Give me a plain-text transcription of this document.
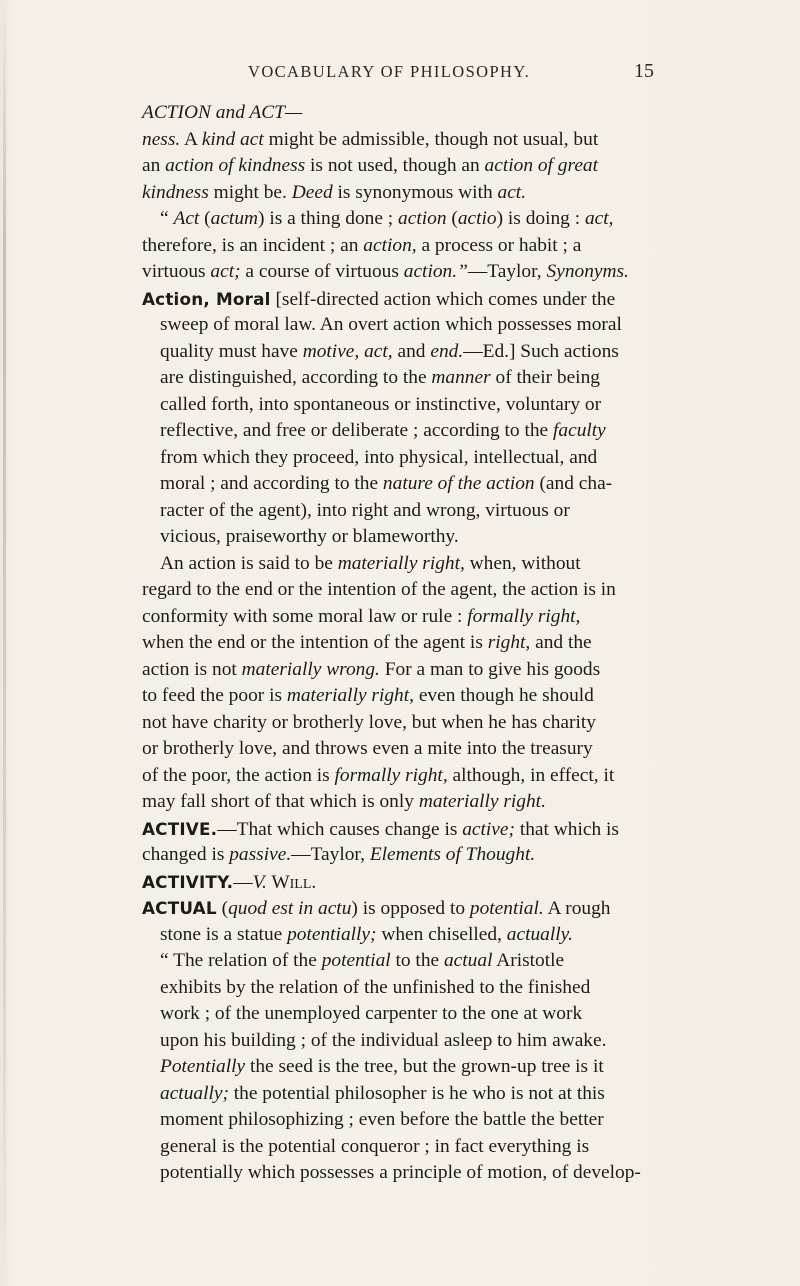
VOCABULARY OF PHILOSOPHY.	15
ACTION and ACT—
ness. A kind act might be admissible, though not usual, but
an action of kindness is not used, though an action of great
kindness might be. Deed is synonymous with act.
“ Act (actum) is a thing done ; action (actio) is doing : act,
therefore, is an incident ; an action, a process or habit ; a
virtuous act; a course of virtuous action.”—Taylor, Synonyms.
Action, Moral [self-directed action which comes under the
sweep of moral law. An overt action which possesses moral
quality must have motive, act, and end.—Ed.] Such actions
are distinguished, according to the manner of their being
called forth, into spontaneous or instinctive, voluntary or
reflective, and free or deliberate ; according to the faculty
from which they proceed, into physical, intellectual, and
moral ; and according to the nature of the action (and cha-
racter of the agent), into right and wrong, virtuous or
vicious, praiseworthy or blameworthy.
An action is said to be materially right, when, without
regard to the end or the intention of the agent, the action is in
conformity with some moral law or rule : formally right,
when the end or the intention of the agent is right, and the
action is not materially wrong. For a man to give his goods
to feed the poor is materially right, even though he should
not have charity or brotherly love, but when he has charity
or brotherly love, and throws even a mite into the treasury
of the poor, the action is formally right, although, in effect, it
may fall short of that which is only materially right.
ACTIVE.—That which causes change is active; that which is
changed is passive.—Taylor, Elements of Thought.
ACTIVITY.—V. Will.
ACTUAL (quod est in actu) is opposed to potential. A rough
stone is a statue potentially; when chiselled, actually.
“ The relation of the potential to the actual Aristotle
exhibits by the relation of the unfinished to the finished
work ; of the unemployed carpenter to the one at work
upon his building ; of the individual asleep to him awake.
Potentially the seed is the tree, but the grown-up tree is it
actually; the potential philosopher is he who is not at this
moment philosophizing ; even before the battle the better
general is the potential conqueror ; in fact everything is
potentially which possesses a principle of motion, of develop-
